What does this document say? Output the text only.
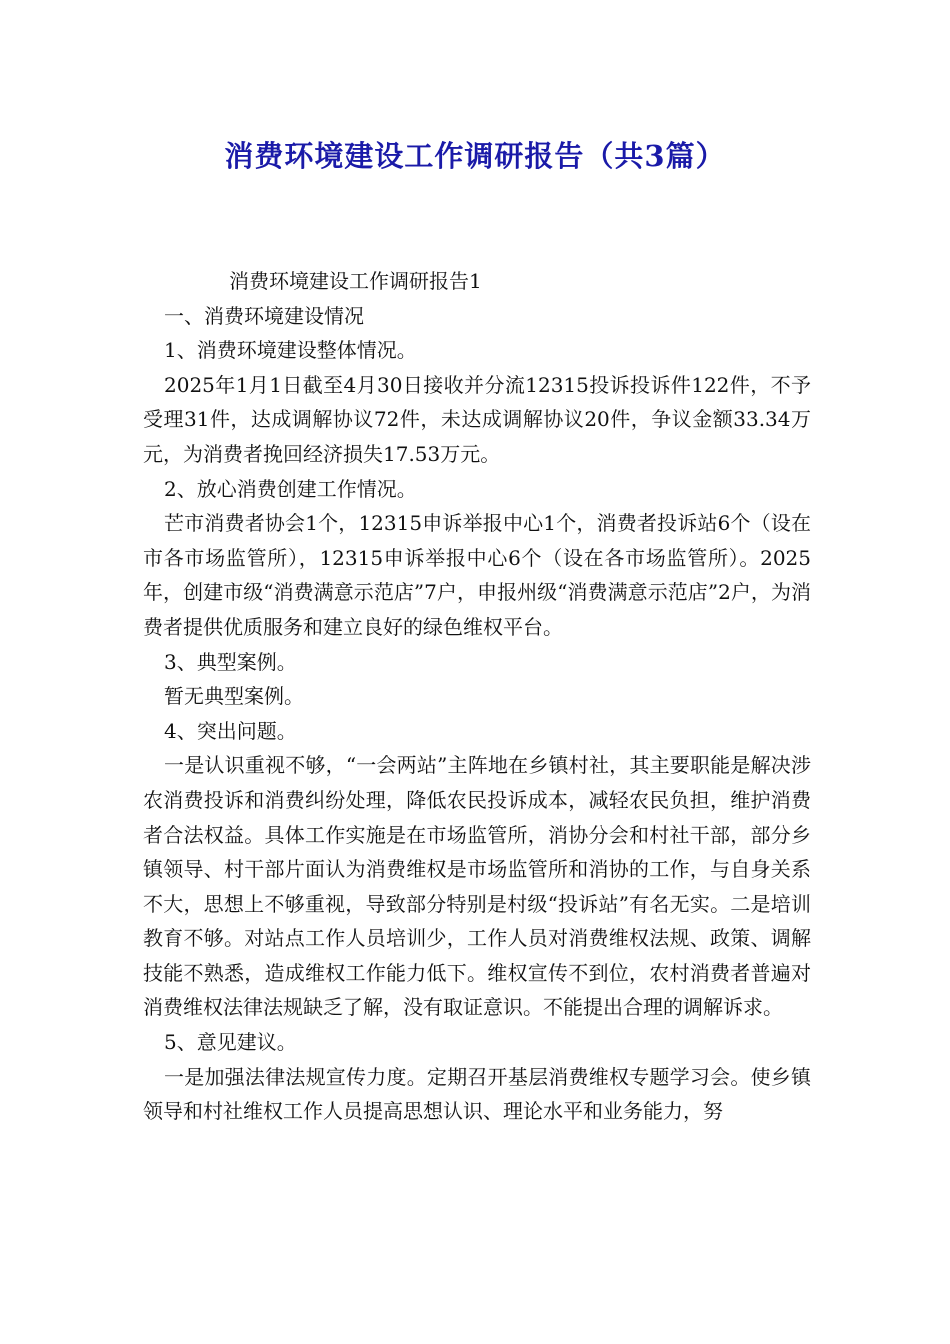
消费环境建设工作调研报告（共3篇）

消费环境建设工作调研报告1

一、消费环境建设情况

1、消费环境建设整体情况。

2025年1月1日截至4月30日接收并分流12315投诉投诉件122件，不予受理31件，达成调解协议72件，未达成调解协议20件，争议金额33.34万元，为消费者挽回经济损失17.53万元。

2、放心消费创建工作情况。

芒市消费者协会1个，12315申诉举报中心1个，消费者投诉站6个（设在市各市场监管所），12315申诉举报中心6个（设在各市场监管所）。2025年，创建市级“消费满意示范店”7户，申报州级“消费满意示范店”2户，为消费者提供优质服务和建立良好的绿色维权平台。

3、典型案例。

暂无典型案例。

4、突出问题。

一是认识重视不够，“一会两站”主阵地在乡镇村社，其主要职能是解决涉农消费投诉和消费纠纷处理，降低农民投诉成本，减轻农民负担，维护消费者合法权益。具体工作实施是在市场监管所，消协分会和村社干部，部分乡镇领导、村干部片面认为消费维权是市场监管所和消协的工作，与自身关系不大，思想上不够重视，导致部分特别是村级“投诉站”有名无实。二是培训教育不够。对站点工作人员培训少，工作人员对消费维权法规、政策、调解技能不熟悉，造成维权工作能力低下。维权宣传不到位，农村消费者普遍对消费维权法律法规缺乏了解，没有取证意识。不能提出合理的调解诉求。

5、意见建议。

一是加强法律法规宣传力度。定期召开基层消费维权专题学习会。使乡镇领导和村社维权工作人员提高思想认识、理论水平和业务能力，努
